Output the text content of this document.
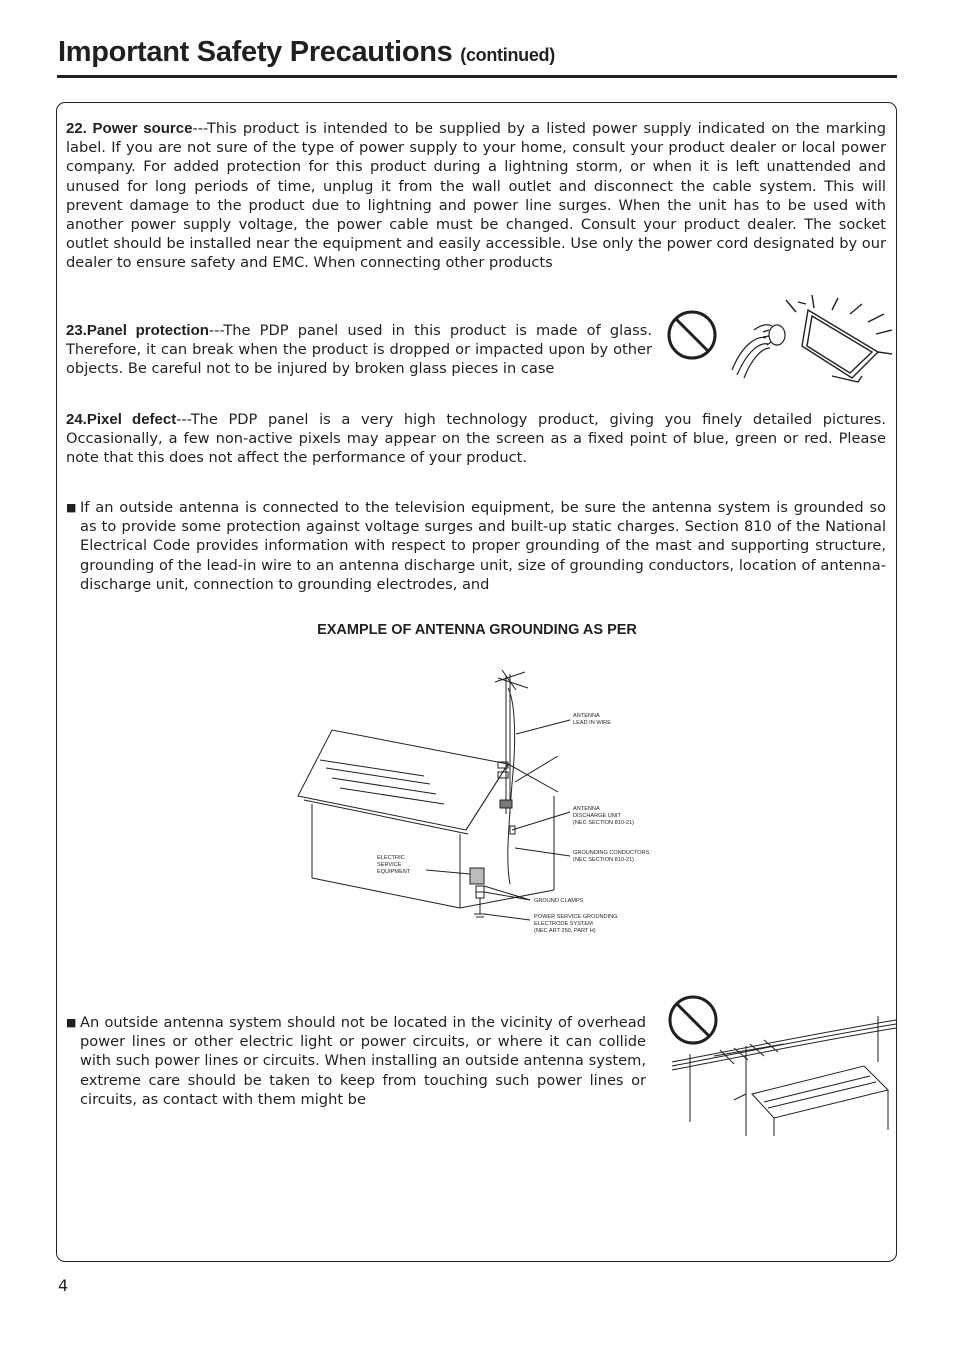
Important Safety Precautions (continued)

22. Power source---This product is intended to be supplied by a listed power supply indicated on the marking label. If you are not sure of the type of power supply to your home, consult your product dealer or local power company. For added protection for this product during a lightning storm, or when it is left unattended and unused for long periods of time, unplug it from the wall outlet and disconnect the cable system. This will prevent damage to the product due to lightning and power line surges. When the unit has to be used with another power supply voltage, the power cable must be changed. Consult your product dealer. The socket outlet should be installed near the equipment and easily accessible. Use only the power cord designated by our dealer to ensure safety and EMC. When connecting other products

23.Panel protection---The PDP panel used in this product is made of glass. Therefore, it can break when the product is dropped or impacted upon by other objects. Be careful not to be injured by broken glass pieces in case

24.Pixel defect---The PDP panel is a very high technology product, giving you finely detailed pictures. Occasionally, a few non-active pixels may appear on the screen as a fixed point of blue, green or red. Please note that this does not affect the performance of your product.

■ If an outside antenna is connected to the television equipment, be sure the antenna system is grounded so as to provide some protection against voltage surges and built-up static charges. Section 810 of the National Electrical Code provides information with respect to proper grounding of the mast and supporting structure, grounding of the lead-in wire to an antenna discharge unit, size of grounding conductors, location of antenna-discharge unit, connection to grounding electrodes, and

EXAMPLE OF ANTENNA GROUNDING AS PER

ANTENNA
LEAD IN WIRE
ANTENNA
DISCHARGE UNIT
(NEC SECTION 810-21)
GROUNDING CONDUCTORS
(NEC SECTION 810-21)
ELECTRIC
SERVICE
EQUIPMENT
GROUND CLAMPS
POWER SERVICE GROUNDING
ELECTRODE SYSTEM
(NEC ART 250, PART H)
■ An outside antenna system should not be located in the vicinity of overhead power lines or other electric light or power circuits, or where it can collide with such power lines or circuits. When installing an outside antenna system, extreme care should be taken to keep from touching such power lines or circuits, as contact with them might be

4
